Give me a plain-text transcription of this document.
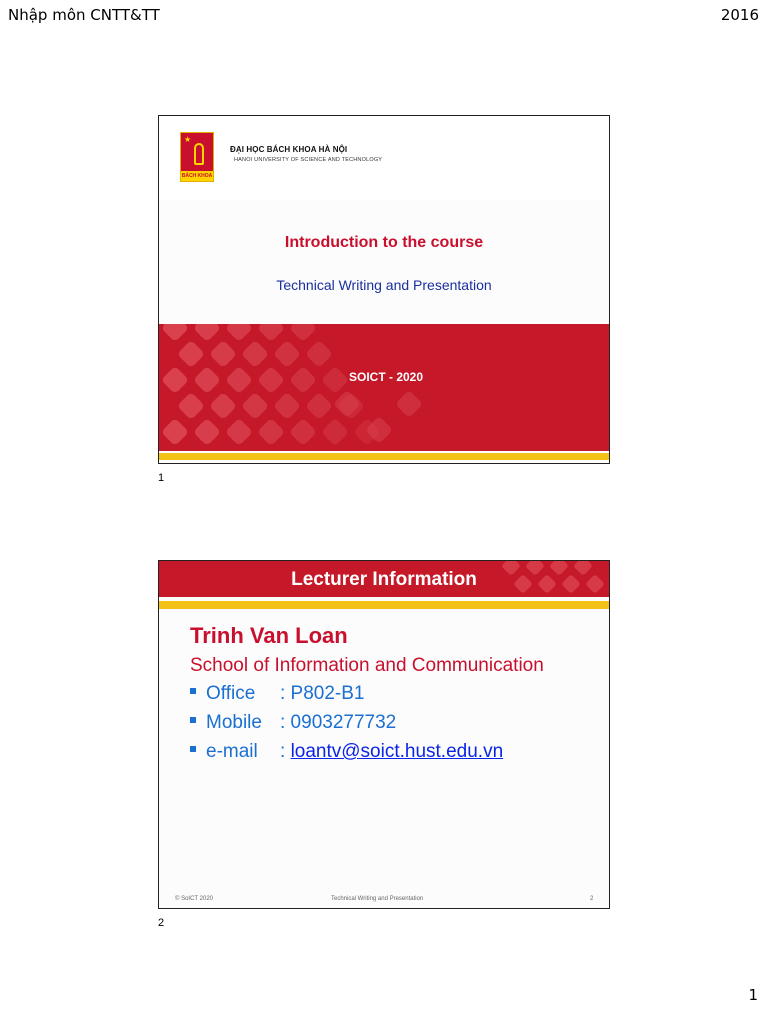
Nhập môn CNTT&TT	2016
★
BÁCH KHOA
ĐẠI HỌC BÁCH KHOA HÀ NỘI
HANOI UNIVERSITY OF SCIENCE AND TECHNOLOGY
Introduction to the course
Technical Writing and Presentation
SOICT - 2020
1
Lecturer Information
Trinh Van Loan
School of Information and Communication
Office : P802-B1
Mobile : 0903277732
e-mail : loantv@soict.hust.edu.vn
© SoICT 2020	Technical Writing and Presentation	2
2
1
